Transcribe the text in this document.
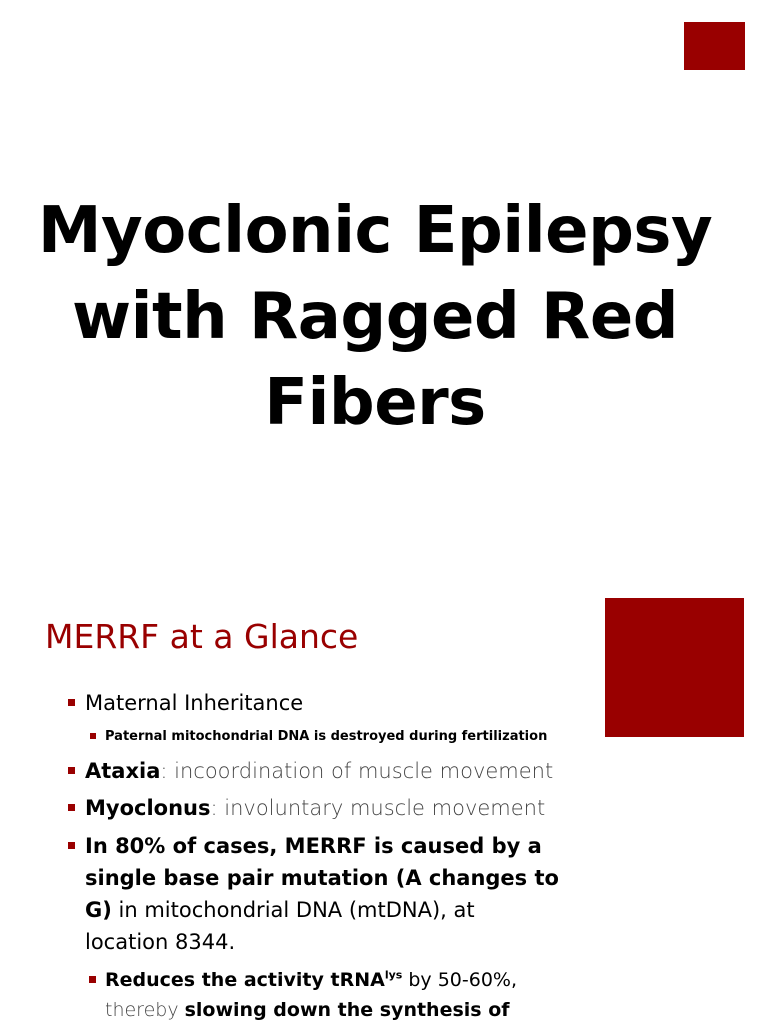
Myoclonic Epilepsy
with Ragged Red
Fibers
MERRF at a Glance

Maternal Inheritance

Paternal mitochondrial DNA is destroyed during fertilization

Ataxia: incoordination of muscle movement

Myoclonus: involuntary muscle movement

In 80% of cases, MERRF is caused by a
single base pair mutation (A changes to
G) in mitochondrial DNA (mtDNA), at
location 8344.

Reduces the activity tRNA$^{lys}$ by 50-60%,
thereby slowing down the synthesis of
